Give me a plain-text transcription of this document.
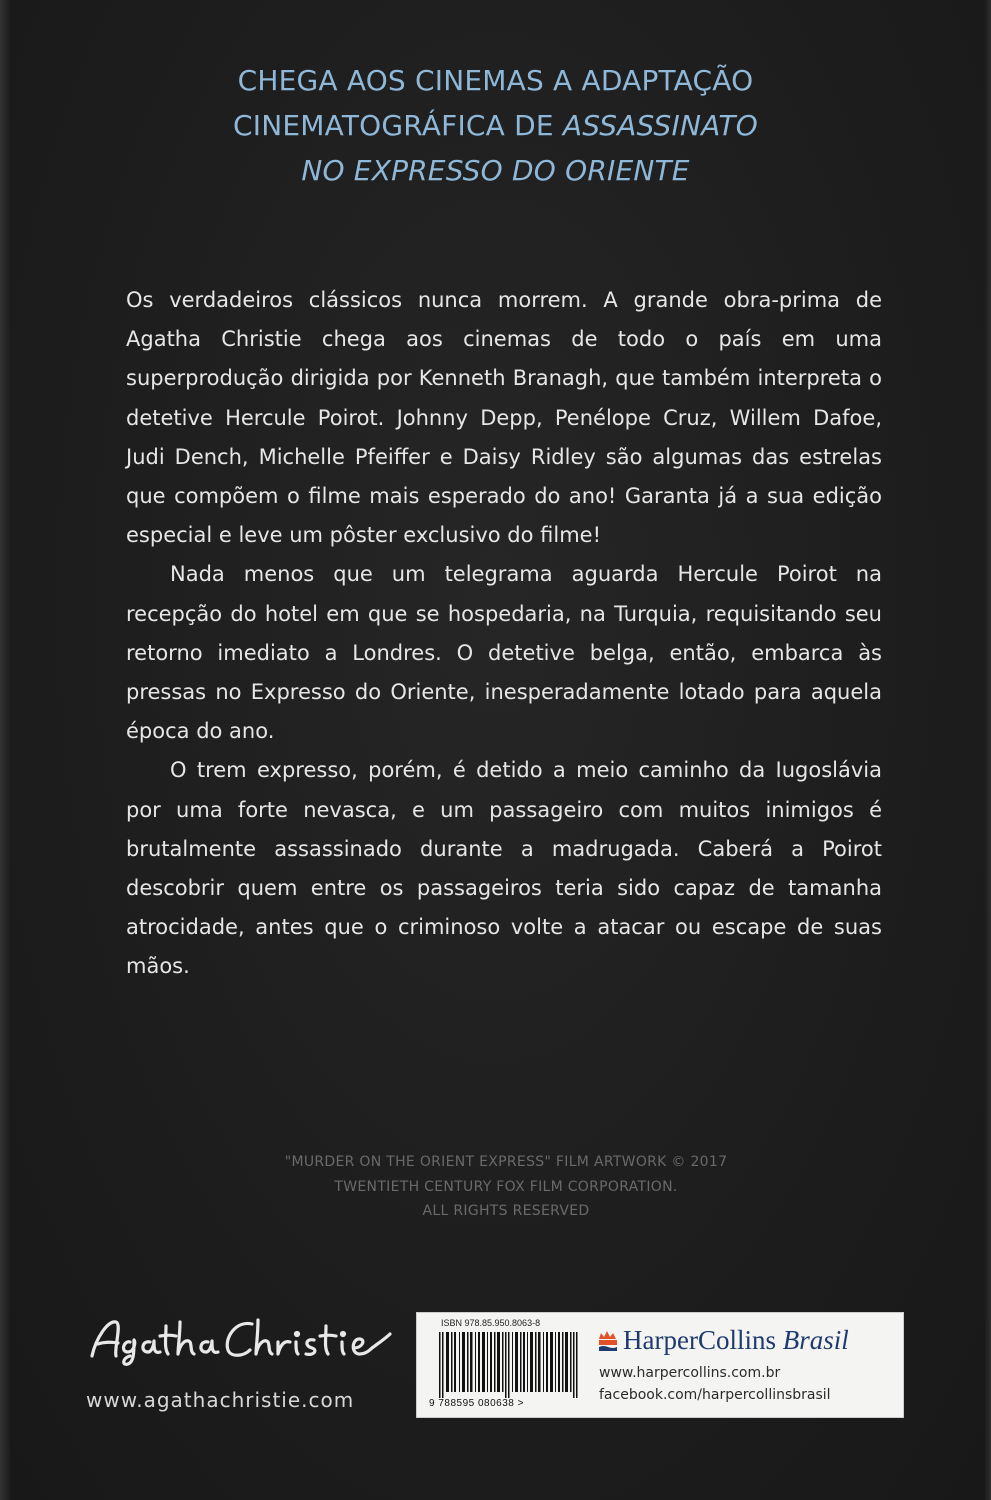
CHEGA AOS CINEMAS A ADAPTAÇÃO
CINEMATOGRÁFICA DE ASSASSINATO
NO EXPRESSO DO ORIENTE

Os verdadeiros clássicos nunca morrem. A grande obra-prima de Agatha Christie chega aos cinemas de todo o país em uma superprodução dirigida por Kenneth Branagh, que também interpreta o detetive Hercule Poirot. Johnny Depp, Penélope Cruz, Willem Dafoe, Judi Dench, Michelle Pfeiffer e Daisy Ridley são algumas das estrelas que compõem o filme mais esperado do ano! Garanta já a sua edição especial e leve um pôster exclusivo do filme!

Nada menos que um telegrama aguarda Hercule Poirot na recepção do hotel em que se hospedaria, na Turquia, requisitando seu retorno imediato a Londres. O detetive belga, então, embarca às pressas no Expresso do Oriente, inesperadamente lotado para aquela época do ano.

O trem expresso, porém, é detido a meio caminho da Iugoslávia por uma forte nevasca, e um passageiro com muitos inimigos é brutalmente assassinado durante a madrugada. Caberá a Poirot descobrir quem entre os passageiros teria sido capaz de tamanha atrocidade, antes que o criminoso volte a atacar ou escape de suas mãos.

"MURDER ON THE ORIENT EXPRESS" FILM ARTWORK © 2017
TWENTIETH CENTURY FOX FILM CORPORATION.
ALL RIGHTS RESERVED
www.agathachristie.com
ISBN 978.85.950.8063-8
9 788595 080638 >
HarperCollins Brasil
www.harpercollins.com.br
facebook.com/harpercollinsbrasil
